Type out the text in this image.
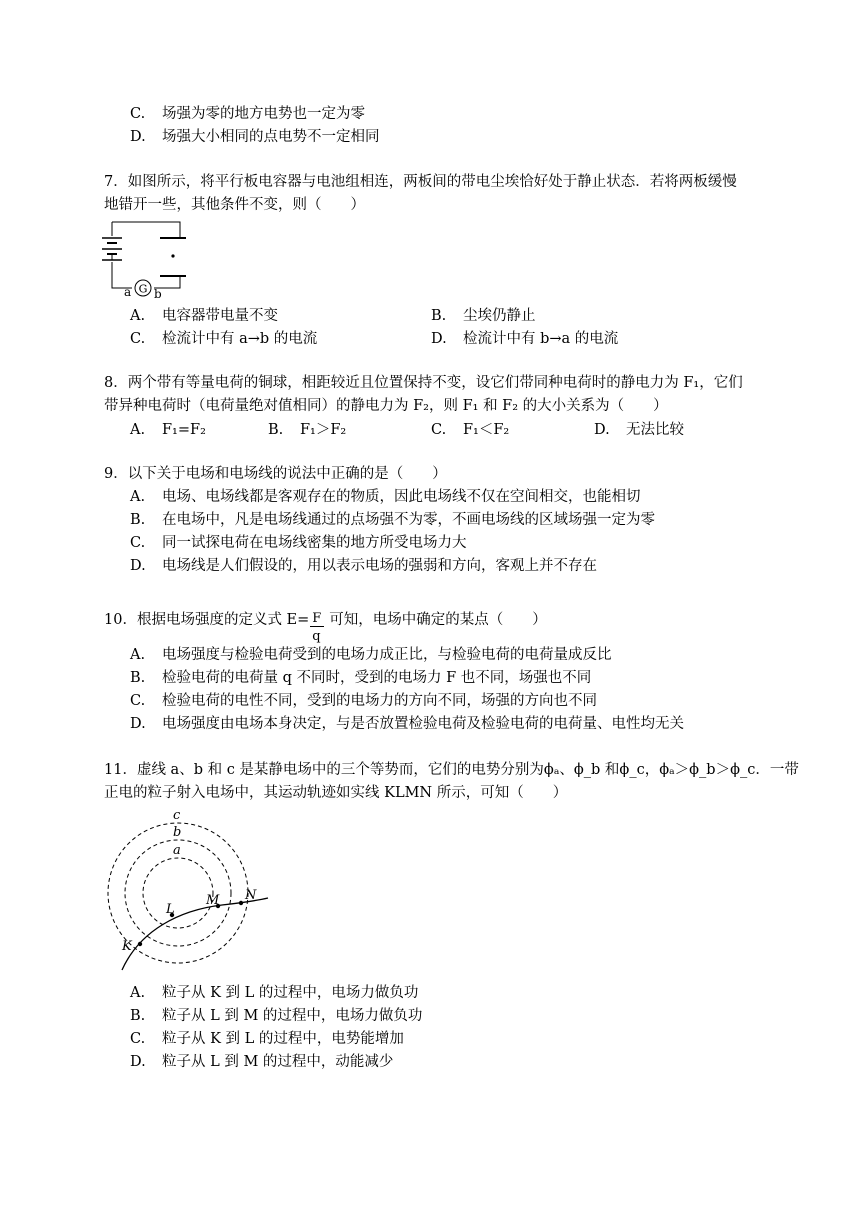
C. 场强为零的地方电势也一定为零
D. 场强大小相同的点电势不一定相同
7．如图所示，将平行板电容器与电池组相连，两板间的带电尘埃恰好处于静止状态．若将两板缓慢
地错开一些，其他条件不变，则（　　）
G
a b
A. 电容器带电量不变	B. 尘埃仍静止
C. 检流计中有 a→b 的电流	D. 检流计中有 b→a 的电流
8．两个带有等量电荷的铜球，相距较近且位置保持不变，设它们带同种电荷时的静电力为 F₁，它们
带异种电荷时（电荷量绝对值相同）的静电力为 F₂，则 F₁ 和 F₂ 的大小关系为（　　）
A. F₁=F₂	B. F₁＞F₂	C. F₁＜F₂	D. 无法比较
9．以下关于电场和电场线的说法中正确的是（　　）
A. 电场、电场线都是客观存在的物质，因此电场线不仅在空间相交，也能相切
B. 在电场中，凡是电场线通过的点场强不为零，不画电场线的区域场强一定为零
C. 同一试探电荷在电场线密集的地方所受电场力大
D. 电场线是人们假设的，用以表示电场的强弱和方向，客观上并不存在
10．根据电场强度的定义式 E=
$\frac{F}{q}$
可知，电场中确定的某点（　　）
A. 电场强度与检验电荷受到的电场力成正比，与检验电荷的电荷量成反比
B. 检验电荷的电荷量 q 不同时，受到的电场力 F 也不同，场强也不同
C. 检验电荷的电性不同，受到的电场力的方向不同，场强的方向也不同
D. 电场强度由电场本身决定，与是否放置检验电荷及检验电荷的电荷量、电性均无关
11．虚线 a、b 和 c 是某静电场中的三个等势而，它们的电势分别为ϕₐ、ϕ_b 和ϕ_c，ϕₐ＞ϕ_b＞ϕ_c．一带
正电的粒子射入电场中，其运动轨迹如实线 KLMN 所示，可知（　　）
c
b
a
K
L
M N
A. 粒子从 K 到 L 的过程中，电场力做负功
B. 粒子从 L 到 M 的过程中，电场力做负功
C. 粒子从 K 到 L 的过程中，电势能增加
D. 粒子从 L 到 M 的过程中，动能减少
